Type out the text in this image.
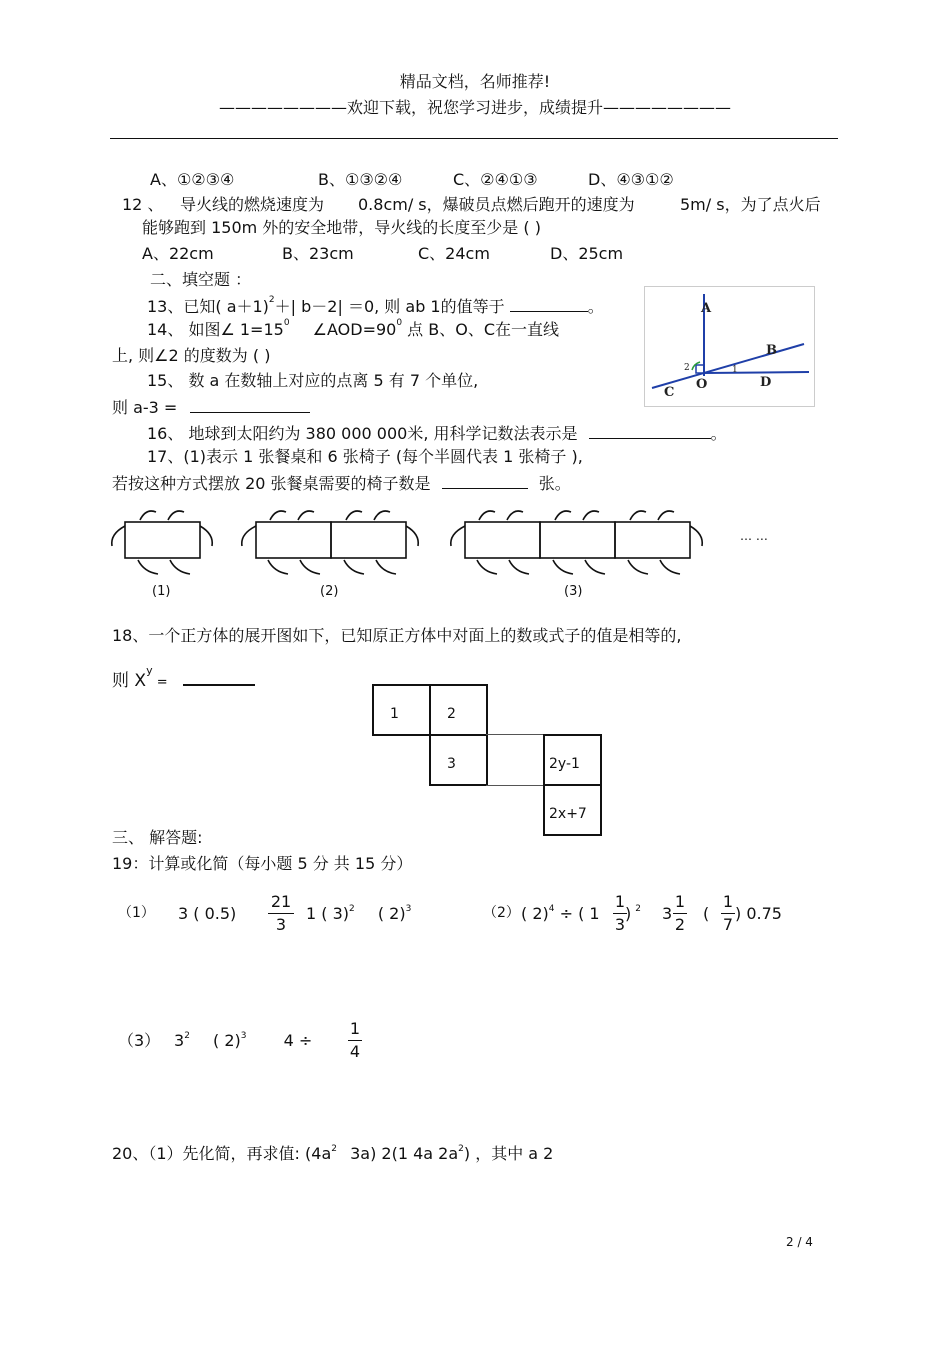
精品文档，名师推荐!
————————欢迎下载，祝您学习进步，成绩提升————————
A、①②③④	B、①③②④	C、②④①③	D、④③①②
12 、 导火线的燃烧速度为 0.8cm/ s，爆破员点燃后跑开的速度为	5m/ s，为了点火后
能够跑到 150m 外的安全地带，导火线的长度至少是 ( )
A、22cm	B、23cm	C、24cm	D、25cm
二、填空题 ：
13、已知( a＋1)$^2$＋| b－2| ＝0, 则 ab 1的值等于	。
14、 如图∠ $1=15^0$ $\angle AOD=90^0$ 点 B、O、C在一直线
上, 则∠2 的度数为 ( )
A
B
C
O	D
1
2
15、 数 a 在数轴上对应的点离 5 有 7 个单位,
则 a-3 =
16、 地球到太阳约为 380 000 000米, 用科学记数法表示是	。
17、(1)表示 1 张餐桌和 6 张椅子 (每个半圆代表 1 张椅子 ),
若按这种方式摆放 20 张餐桌需要的椅子数是	张。
… …
(1)	(2)	(3)
18、一个正方体的展开图如下，已知原正方体中对面上的数或式子的值是相等的,
则 $X^y$ =
1	2
3	2y-1
2x+7
三、 解答题:
19：计算或化简（每小题 5 分 共 15 分）
（1） 3 ( 0.5)
21
3
1 ( 3)$^2$ ( 2)$^3$	（2） ( 2)$^4$ ÷ ( 1
1
3
) $^2$ 3
1
2
(
1
7
) 0.75
（3） $3^2$ ( 2)$^3$ 4 ÷
1
4
20、（1）先化简，再求值: ($4a^2$ 3a) 2(1 4a $2a^2$) ，其中 a 2
2 / 4
